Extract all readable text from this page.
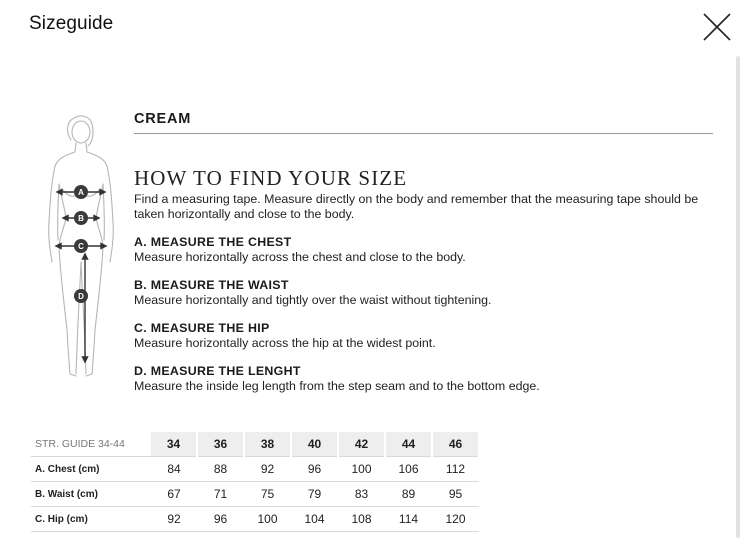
Sizeguide
A
B
C
D
CREAM
HOW TO FIND YOUR SIZE
Find a measuring tape. Measure directly on the body and remember that the measuring tape should be taken horizontally and close to the body.
A. MEASURE THE CHEST
Measure horizontally across the chest and close to the body.
B. MEASURE THE WAIST
Measure horizontally and tightly over the waist without tightening.
C. MEASURE THE HIP
Measure horizontally across the hip at the widest point.
D. MEASURE THE LENGHT
Measure the inside leg length from the step seam and to the bottom edge.
STR. GUIDE 34-44	34	36	38	40	42	44	46
A. Chest (cm)	84	88	92	96	100	106	112
B. Waist (cm)	67	71	75	79	83	89	95
C. Hip (cm)	92	96	100	104	108	114	120
